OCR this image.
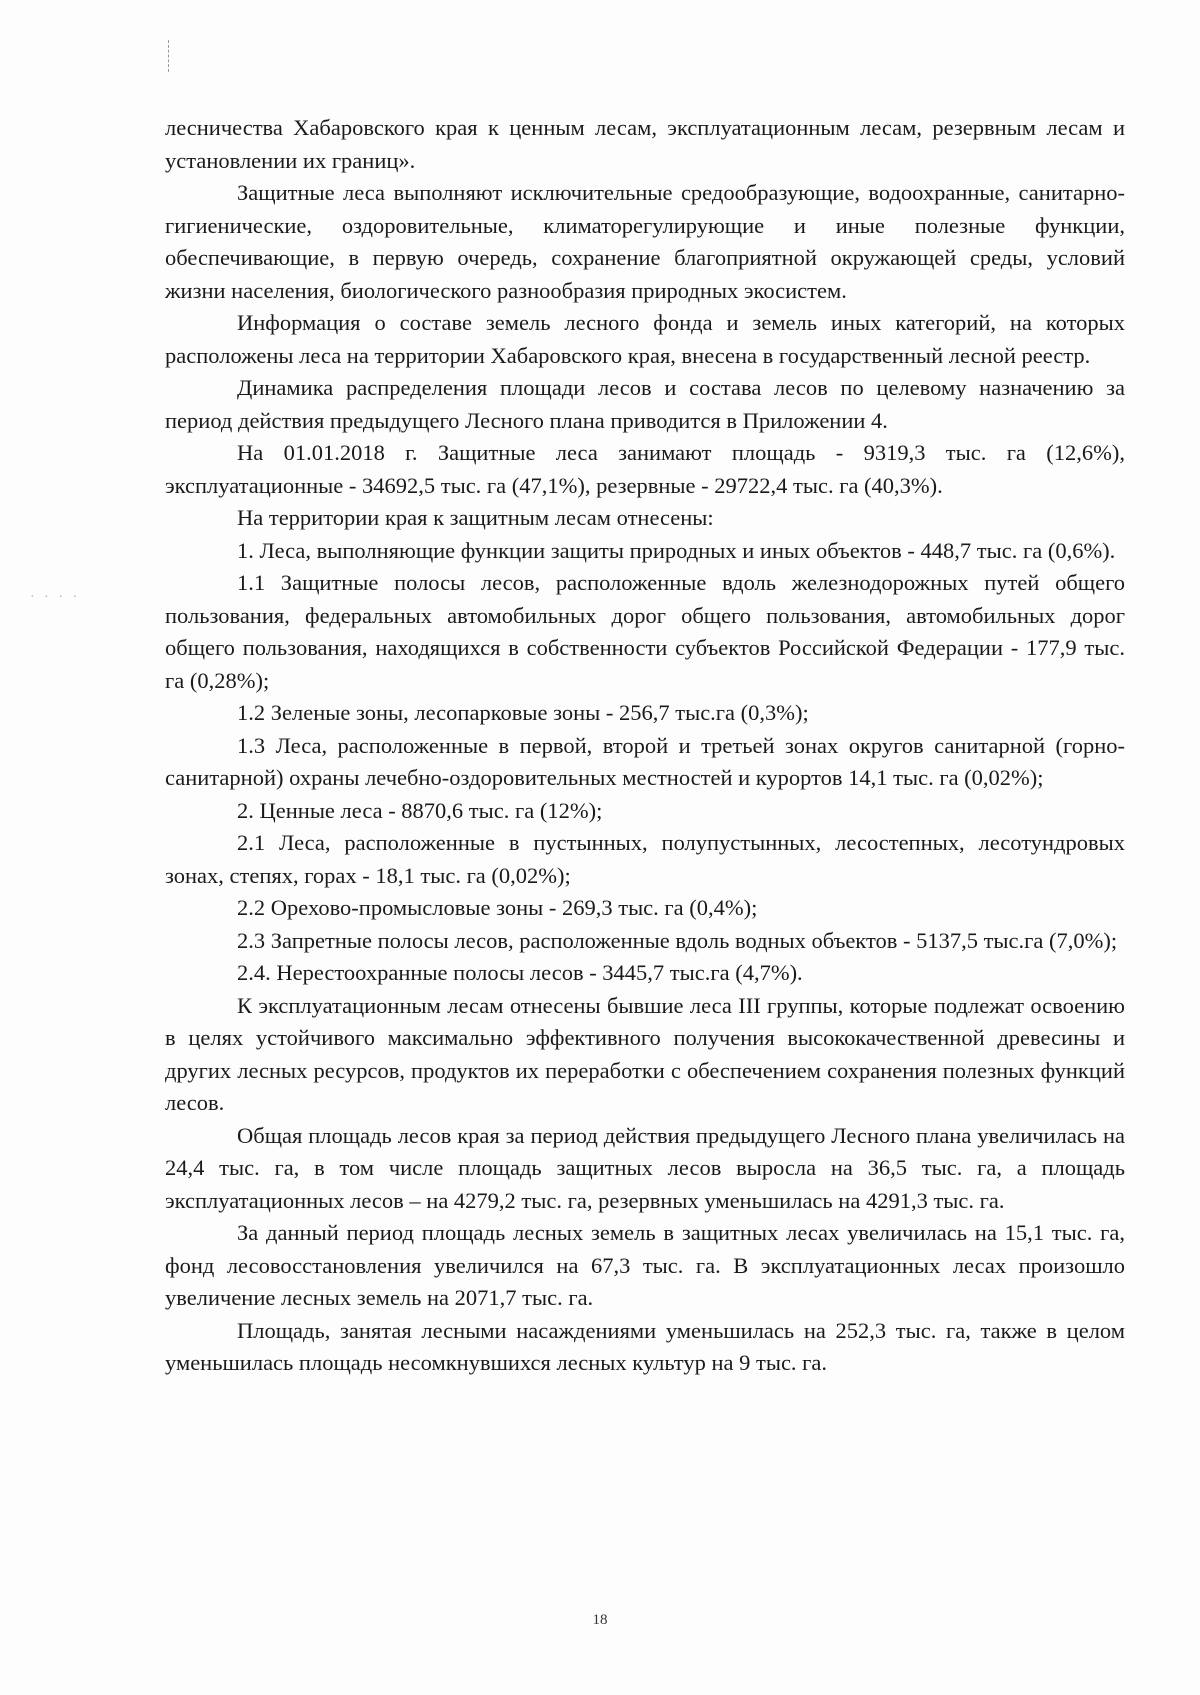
· · · ·

лесничества Хабаровского края к ценным лесам, эксплуатационным лесам, резервным лесам и установлении их границ».

Защитные леса выполняют исключительные средообразующие, водоохранные, санитарно-гигиенические, оздоровительные, климаторегулирующие и иные полезные функции, обеспечивающие, в первую очередь, сохранение благоприятной окружающей среды, условий жизни населения, биологического разнообразия природных экосистем.

Информация о составе земель лесного фонда и земель иных категорий, на которых расположены леса на территории Хабаровского края, внесена в государственный лесной реестр.

Динамика распределения площади лесов и состава лесов по целевому назначению за период действия предыдущего Лесного плана приводится в Приложении 4.

На 01.01.2018 г. Защитные леса занимают площадь - 9319,3 тыс. га (12,6%), эксплуатационные - 34692,5 тыс. га (47,1%), резервные - 29722,4 тыс. га (40,3%).

На территории края к защитным лесам отнесены:

1. Леса, выполняющие функции защиты природных и иных объектов - 448,7 тыс. га (0,6%).

1.1 Защитные полосы лесов, расположенные вдоль железнодорожных путей общего пользования, федеральных автомобильных дорог общего пользования, автомобильных дорог общего пользования, находящихся в собственности субъектов Российской Федерации - 177,9 тыс. га (0,28%);

1.2 Зеленые зоны, лесопарковые зоны - 256,7 тыс.га (0,3%);

1.3 Леса, расположенные в первой, второй и третьей зонах округов санитарной (горно-санитарной) охраны лечебно-оздоровительных местностей и курортов 14,1 тыс. га (0,02%);

2. Ценные леса - 8870,6 тыс. га (12%);

2.1 Леса, расположенные в пустынных, полупустынных, лесостепных, лесотундровых зонах, степях, горах - 18,1 тыс. га (0,02%);

2.2 Орехово-промысловые зоны - 269,3 тыс. га (0,4%);

2.3 Запретные полосы лесов, расположенные вдоль водных объектов - 5137,5 тыс.га (7,0%);

2.4. Нерестоохранные полосы лесов - 3445,7 тыс.га (4,7%).

К эксплуатационным лесам отнесены бывшие леса III группы, которые подлежат освоению в целях устойчивого максимально эффективного получения высококачественной древесины и других лесных ресурсов, продуктов их переработки с обеспечением сохранения полезных функций лесов.

Общая площадь лесов края за период действия предыдущего Лесного плана увеличилась на 24,4 тыс. га, в том числе площадь защитных лесов выросла на 36,5 тыс. га, а площадь эксплуатационных лесов – на 4279,2 тыс. га, резервных уменьшилась на 4291,3 тыс. га.

За данный период площадь лесных земель в защитных лесах увеличилась на 15,1 тыс. га, фонд лесовосстановления увеличился на 67,3 тыс. га. В эксплуатационных лесах произошло увеличение лесных земель на 2071,7 тыс. га.

Площадь, занятая лесными насаждениями уменьшилась на 252,3 тыс. га, также в целом уменьшилась площадь несомкнувшихся лесных культур на 9 тыс. га.

18
